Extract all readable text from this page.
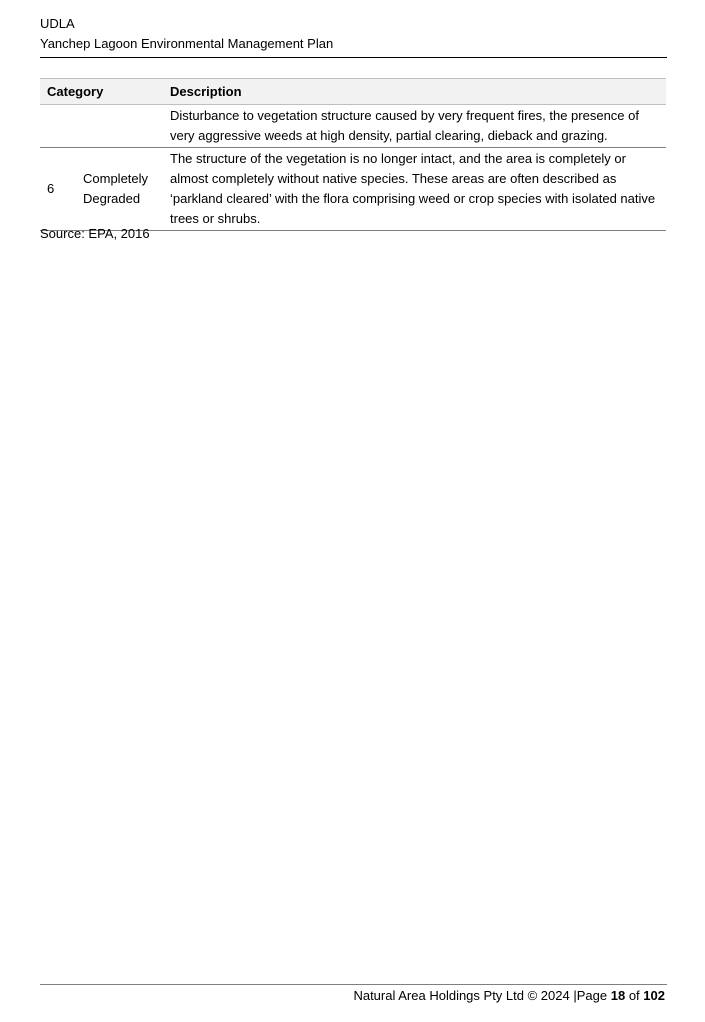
UDLA
Yanchep Lagoon Environmental Management Plan
Category		Description
		Disturbance to vegetation structure caused by very frequent fires, the presence of very aggressive weeds at high density, partial clearing, dieback and grazing.
6	Completely Degraded	The structure of the vegetation is no longer intact, and the area is completely or almost completely without native species. These areas are often described as ‘parkland cleared’ with the flora comprising weed or crop species with isolated native trees or shrubs.
Source: EPA, 2016
Natural Area Holdings Pty Ltd © 2024 |Page 18 of 102
